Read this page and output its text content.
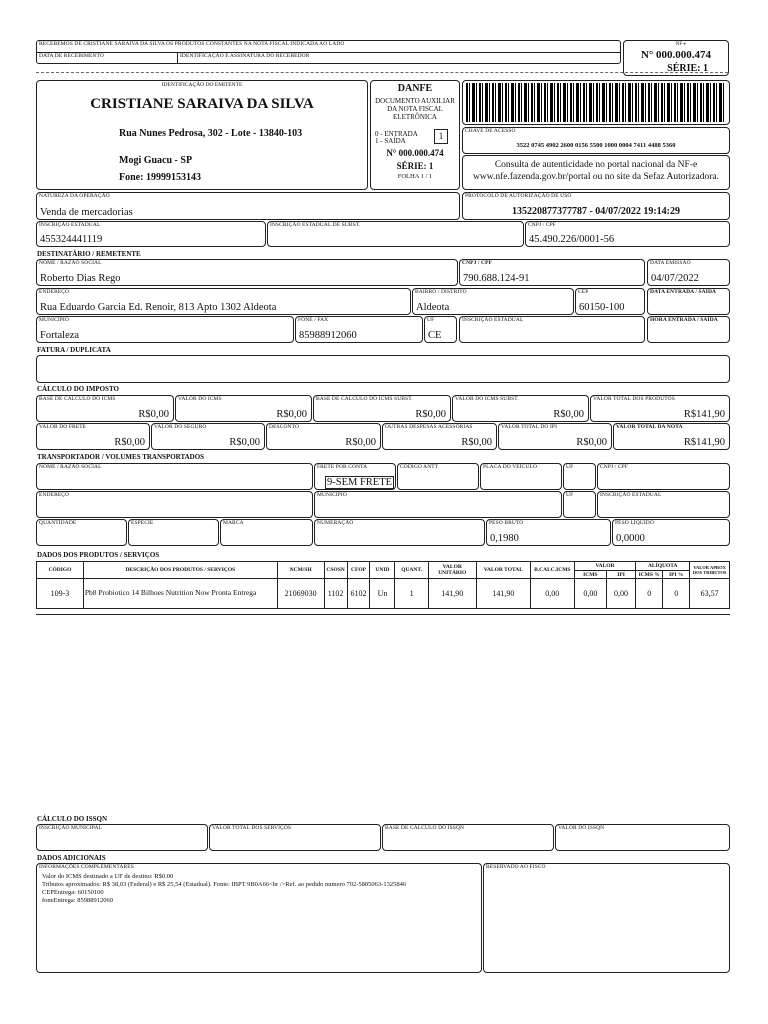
RECEBEMOS DE CRISTIANE SARAIVA DA SILVA OS PRODUTOS CONSTANTES NA NOTA FISCAL INDICADA AO LADO
DATA DE RECEBIMENTO	IDENTIFICAÇÃO E ASSINATURA DO RECEBEDOR
NF-e
N° 000.000.474
SÉRIE: 1
IDENTIFICAÇÃO DO EMITENTE
CRISTIANE SARAIVA DA SILVA
Rua Nunes Pedrosa, 302 - Lote - 13840-103
Mogi Guacu - SP
Fone: 19999153143
DANFE
DOCUMENTO AUXILIAR
DA NOTA FISCAL
ELETRÔNICA
0 - ENTRADA
1 - SAÍDA	1
N° 000.000.474
SÉRIE: 1
FOLHA 1 / 1
CHAVE DE ACESSO
3522 0745 4902 2600 0156 5500 1000 0004 7411 4488 5360
Consulta de autenticidade no portal nacional da NF-e
www.nfe.fazenda.gov.br/portal ou no site da Sefaz Autorizadora.
NATUREZA DA OPERAÇÃO
Venda de mercadorias
PROTOCOLO DE AUTORIZAÇÃO DE USO
135220877377787 - 04/07/2022 19:14:29
INSCRIÇÃO ESTADUAL
455324441119
INSCRIÇÃO ESTADUAL DE SUBST.	CNPJ / CPF
45.490.226/0001-56
DESTINATÁRIO / REMETENTE
NOME / RAZÃO SOCIAL
Roberto Dias Rego
CNPJ / CPF
790.688.124-91
DATA EMISSÃO
04/07/2022
ENDEREÇO
Rua Eduardo Garcia Ed. Renoir, 813 Apto 1302 Aldeota
BAIRRO / DISTRITO
Aldeota
CEP
60150-100
DATA ENTRADA / SAÍDA
MUNICÍPIO
Fortaleza
FONE / FAX
85988912060
UF
CE
INSCRIÇÃO ESTADUAL	HORA ENTRADA / SAÍDA
FATURA / DUPLICATA
CÁLCULO DO IMPOSTO
BASE DE CÁLCULO DO ICMS
R$0,00
VALOR DO ICMS
R$0,00
BASE DE CÁLCULO DO ICMS SUBST.
R$0,00
VALOR DO ICMS SUBST.
R$0,00
VALOR TOTAL DOS PRODUTOS
R$141,90
VALOR DO FRETE
R$0,00
VALOR DO SEGURO
R$0,00
DESCONTO
R$0,00
OUTRAS DESPESAS ACESSÓRIAS
R$0,00
VALOR TOTAL DO IPI
R$0,00
VALOR TOTAL DA NOTA
R$141,90
TRANSPORTADOR / VOLUMES TRANSPORTADOS
NOME / RAZÃO SOCIAL	FRETE POR CONTA
9-SEM FRETE
CÓDIGO ANTT	PLACA DO VEÍCULO	UF	CNPJ / CPF
ENDEREÇO	MUNICÍPIO	UF	INSCRIÇÃO ESTADUAL
QUANTIDADE	ESPÉCIE	MARCA	NUMERAÇÃO	PESO BRUTO
0,1980
PESO LÍQUIDO
0,0000
DADOS DOS PRODUTOS / SERVIÇOS
CÓDIGO	DESCRIÇÃO DOS PRODUTOS / SERVIÇOS	NCM/SH	CSOSN	CFOP	UNID	QUANT.	VALOR UNITÁRIO	VALOR TOTAL	B.CALC.ICMS	VALOR		ALÍQUOTA		VALOR APROX DOS TRIBUTOS
										ICMS	IPI	ICMS %	IPI %	
109-3	Pb8 Probiotico 14 Bilhoes Nutrition Now Pronta Entrega	21069030	1102	6102	Un	1	141,90	141,90	0,00	0,00	0,00	0	0	63,57
CÁLCULO DO ISSQN
INSCRIÇÃO MUNICIPAL	VALOR TOTAL DOS SERVIÇOS	BASE DE CÁLCULO DO ISSQN	VALOR DO ISSQN
DADOS ADICIONAIS
INFORMAÇÕES COMPLEMENTARES
Valor do ICMS destinado a UF de destino: R$0.00
Tributos aproximados: R$ 38,03 (Federal) e R$ 25,54 (Estadual). Fonte: IBPT 9B0A66<br />Ref. ao pedido numero 702-5805063-1325846
CEPEntrega: 60150100
foneEntrega: 85988912060
RESERVADO AO FISCO
